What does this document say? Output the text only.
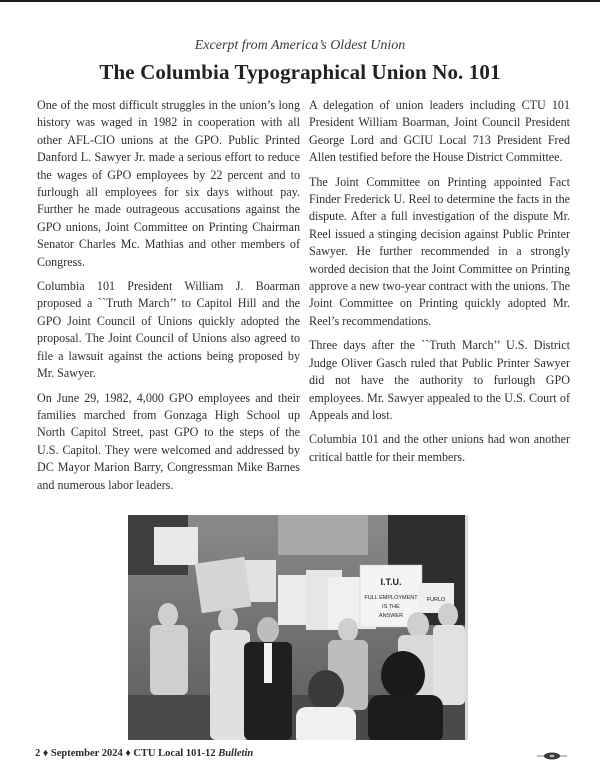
Excerpt from America’s Oldest Union
The Columbia Typographical Union No. 101

One of the most difficult struggles in the union’s long history was waged in 1982 in cooperation with all other AFL-CIO unions at the GPO. Public Printed Danford L. Sawyer Jr. made a serious effort to reduce the wages of GPO employees by 22 percent and to furlough all employees for six days without pay. Further he made outrageous accusations against the GPO unions, Joint Committee on Printing Chairman Senator Charles Mc. Mathias and other members of Congress.

Columbia 101 President William J. Boarman proposed a ``Truth March’’ to Capitol Hill and the GPO Joint Council of Unions quickly adopted the proposal. The Joint Council of Unions also agreed to file a lawsuit against the actions being proposed by Mr. Sawyer.

On June 29, 1982, 4,000 GPO employees and their families marched from Gonzaga High School up North Capitol Street, past GPO to the steps of the U.S. Capitol. They were welcomed and addressed by DC Mayor Marion Barry, Congressman Mike Barnes and numerous labor leaders.

A delegation of union leaders including CTU 101 President William Boarman, Joint Council President George Lord and GCIU Local 713 President Fred Allen testified before the House District Committee.

The Joint Committee on Printing appointed Fact Finder Frederick U. Reel to determine the facts in the dispute. After a full investigation of the dispute Mr. Reel issued a stinging decision against Public Printer Sawyer. He further recommended in a strongly worded decision that the Joint Committee on Printing approve a new two-year contract with the unions. The Joint Committee on Printing quickly adopted Mr. Reel’s recommendations.

Three days after the ``Truth March’’ U.S. District Judge Oliver Gasch ruled that Public Printer Sawyer did not have the authority to furlough GPO employees. Mr. Sawyer appealed to the U.S. Court of Appeals and lost.

Columbia 101 and the other unions had won another critical battle for their members.

I.T.U.
FULL EMPLOYMENT
IS THE
ANSWER
FURLO
2 ♦ September 2024 ♦ CTU Local 101-12 Bulletin
